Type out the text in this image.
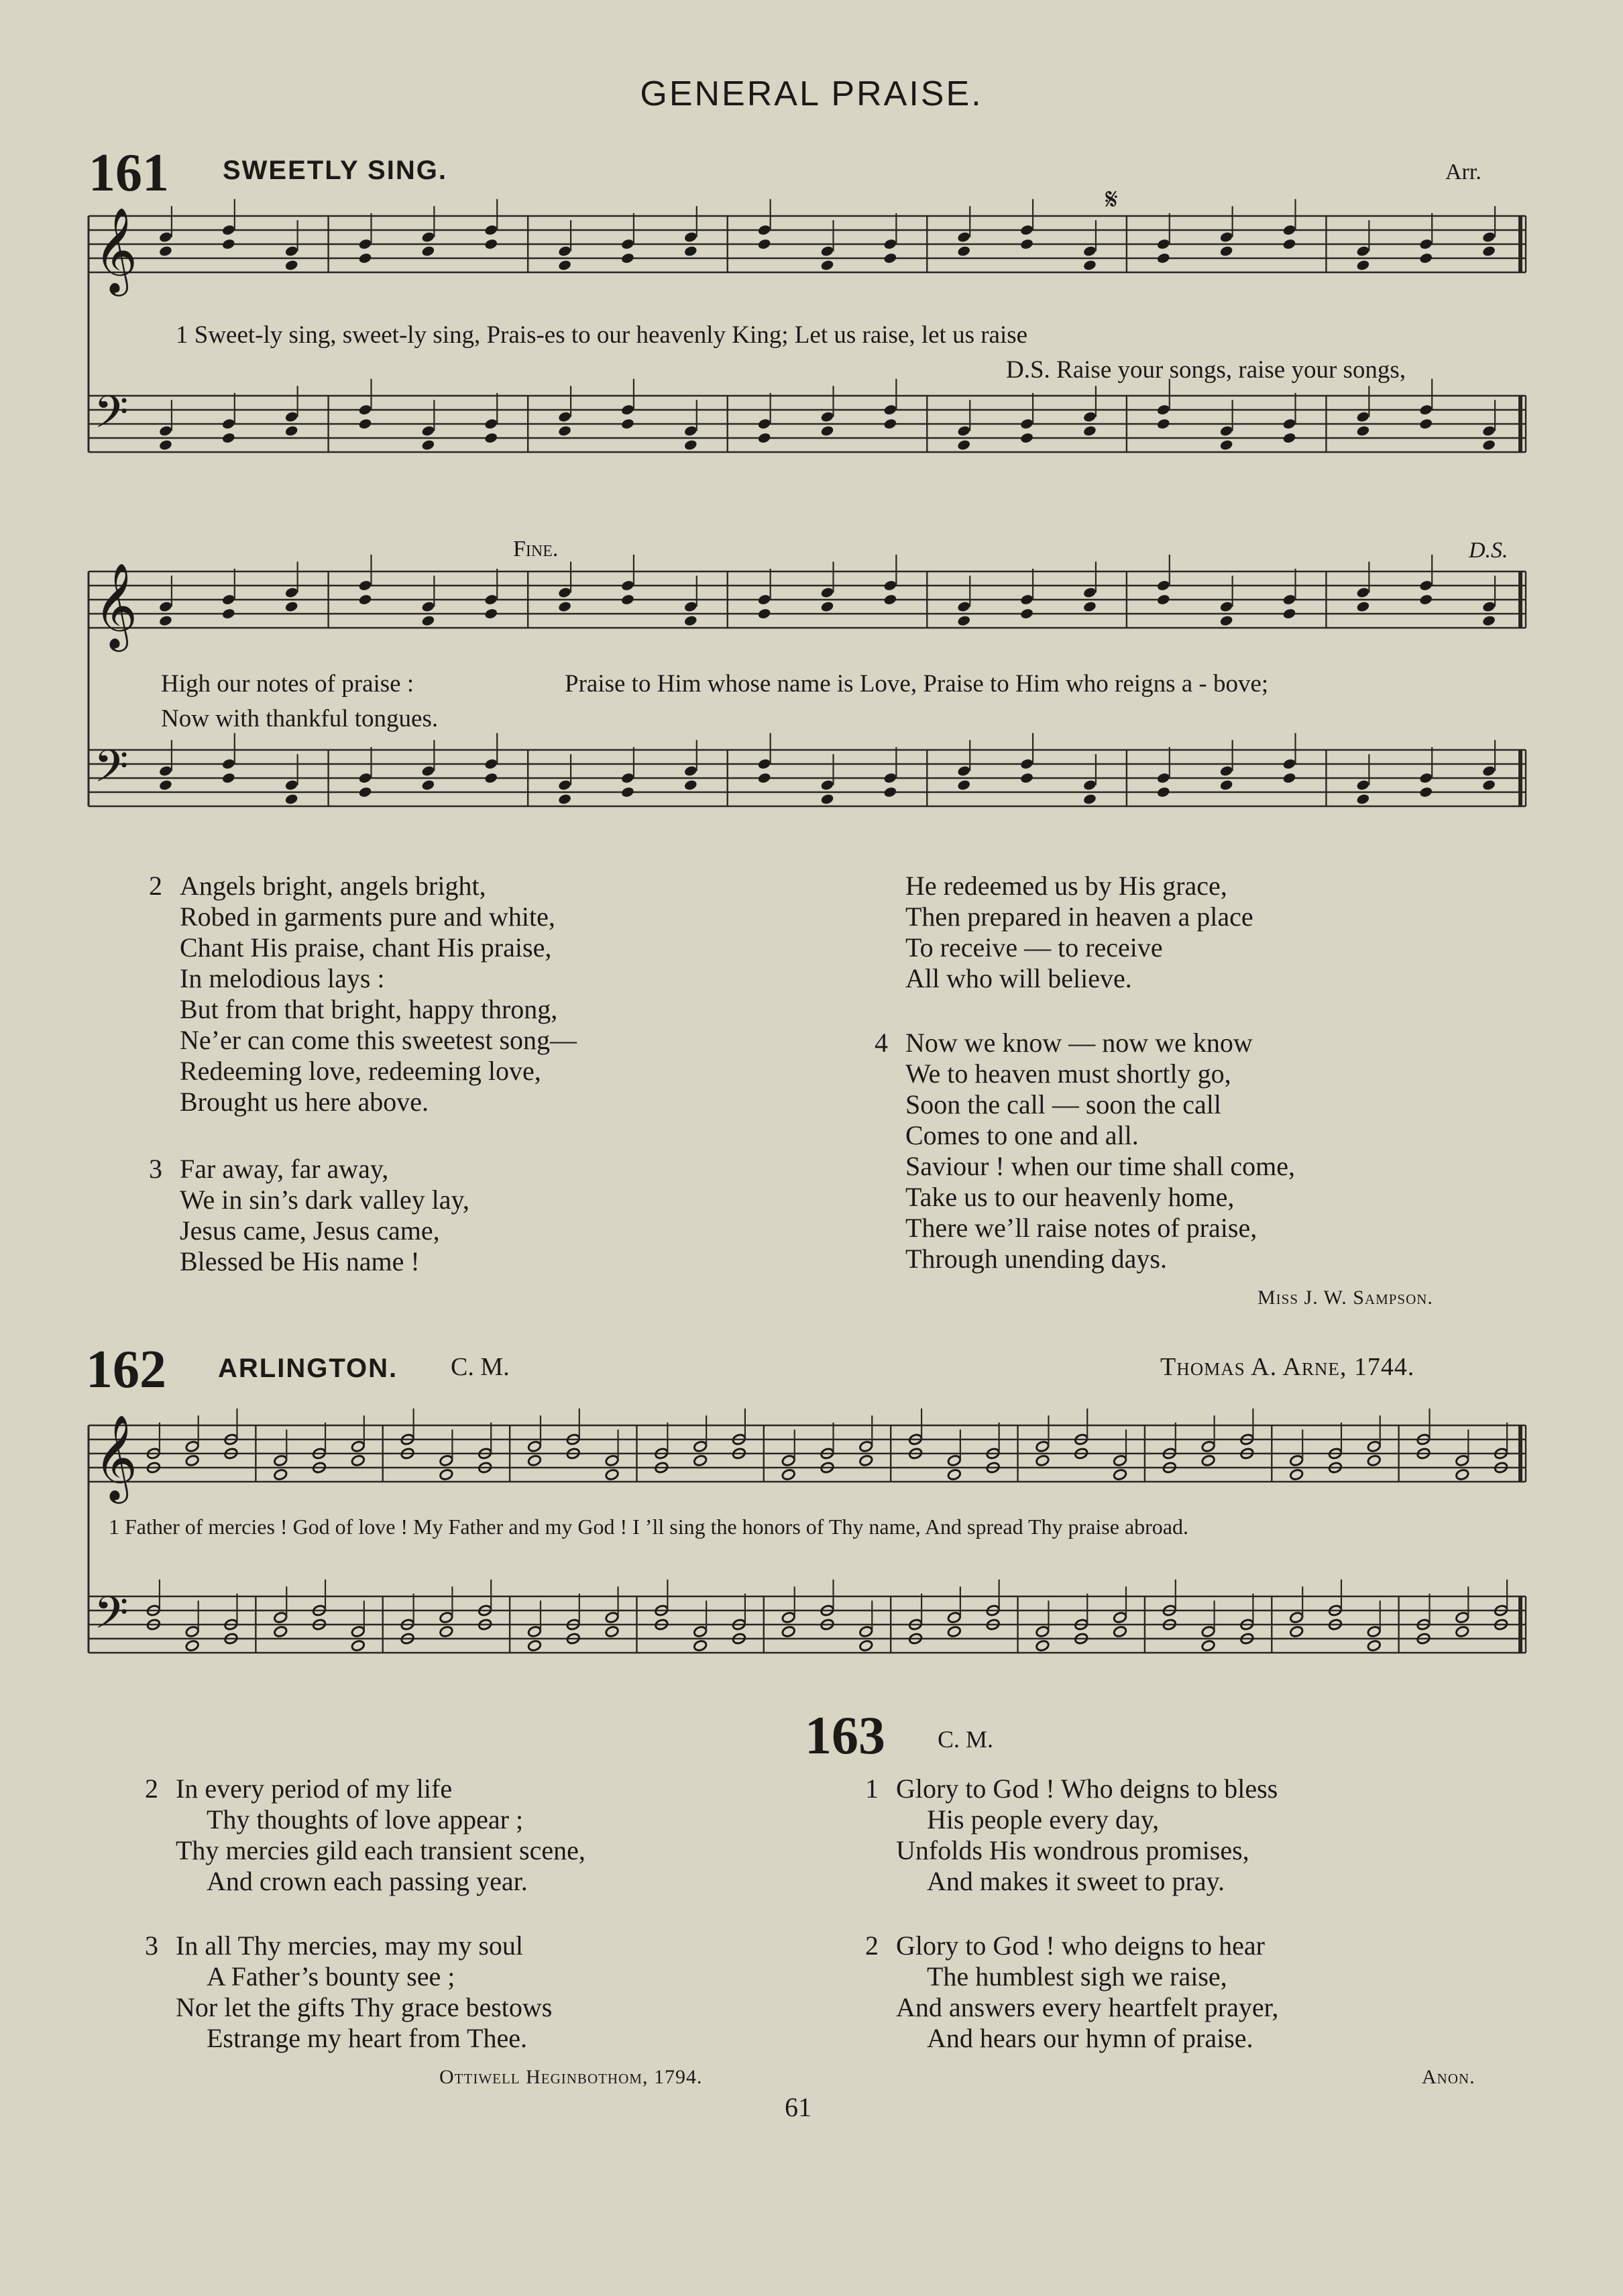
𝄞
𝄞
𝄞
𝄢
𝄢
𝄢
GENERAL PRAISE.
161 SWEETLY SING.	Arr.
𝄋
1 Sweet-ly sing, sweet-ly sing, Prais-es to our heavenly King; Let us raise, let us raise
D.S. Raise your songs, raise your songs,
Fine.	D.S.
High our notes of praise :
Now with thankful tongues.
Praise to Him whose name is Love, Praise to Him who reigns a - bove;
2 Angels bright, angels bright,
Robed in garments pure and white,
Chant His praise, chant His praise,
In melodious lays :
But from that bright, happy throng,
Ne’er can come this sweetest song—
Redeeming love, redeeming love,
Brought us here above.
3 Far away, far away,
We in sin’s dark valley lay,
Jesus came, Jesus came,
Blessed be His name !
He redeemed us by His grace,
Then prepared in heaven a place
To receive — to receive
All who will believe.
4 Now we know — now we know
We to heaven must shortly go,
Soon the call — soon the call
Comes to one and all.
Saviour ! when our time shall come,
Take us to our heavenly home,
There we’ll raise notes of praise,
Through unending days.
Miss J. W. Sampson.
162 ARLINGTON. C. M.	Thomas A. Arne, 1744.
1 Father of mercies ! God of love ! My Father and my God ! I ’ll sing the honors of Thy name, And spread Thy praise abroad.
163 C. M.
2 In every period of my life
Thy thoughts of love appear ;
Thy mercies gild each transient scene,
And crown each passing year.
3 In all Thy mercies, may my soul
A Father’s bounty see ;
Nor let the gifts Thy grace bestows
Estrange my heart from Thee.
Ottiwell Heginbothom, 1794.
1 Glory to God ! Who deigns to bless
His people every day,
Unfolds His wondrous promises,
And makes it sweet to pray.
2 Glory to God ! who deigns to hear
The humblest sigh we raise,
And answers every heartfelt prayer,
And hears our hymn of praise.
Anon.
61
